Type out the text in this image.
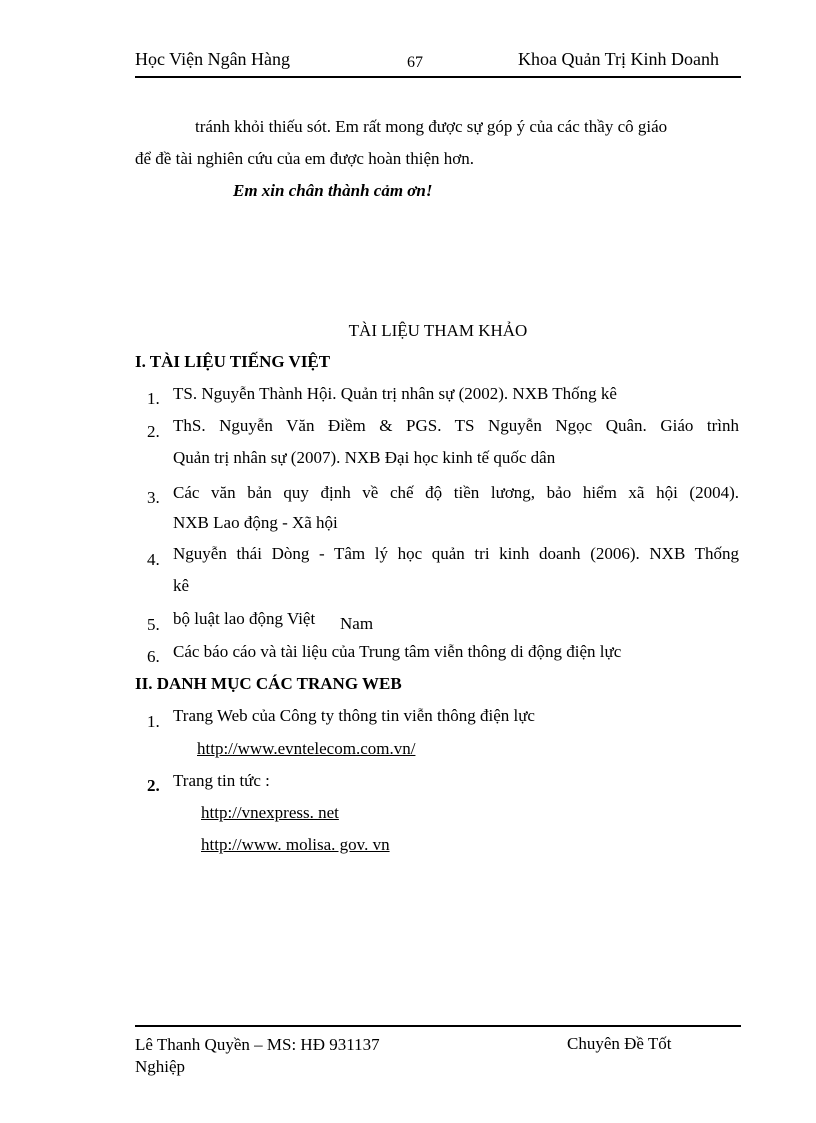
Học Viện Ngân Hàng	67	Khoa Quản Trị Kinh Doanh
tránh khỏi thiếu sót. Em rất mong được sự góp ý của các thầy cô giáo
để đề tài nghiên cứu của em được hoàn thiện hơn.
Em xin chân thành cảm ơn!
TÀI LIỆU THAM KHẢO
I. TÀI LIỆU TIẾNG VIỆT
1. TS. Nguyễn Thành Hội. Quản trị nhân sự (2002). NXB Thống kê
2. ThS. Nguyễn Văn Điềm & PGS. TS Nguyễn Ngọc Quân. Giáo trình
Quản trị nhân sự (2007). NXB Đại học kinh tế quốc dân
3. Các văn bản quy định về chế độ tiền lương, bảo hiểm xã hội (2004).
NXB Lao động - Xã hội
4. Nguyễn thái Dòng - Tâm lý học quản tri kinh doanh (2006). NXB Thống
kê
5. bộ luật lao động Việt Nam
6. Các báo cáo và tài liệu của Trung tâm viễn thông di động điện lực
II. DANH MỤC CÁC TRANG WEB
1. Trang Web của Công ty thông tin viễn thông điện lực
http://www.evntelecom.com.vn/
2. Trang tin tức :
http://vnexpress. net
http://www. molisa. gov. vn
Lê Thanh Quyền – MS: HĐ 931137
Nghiệp
Chuyên Đề Tốt
